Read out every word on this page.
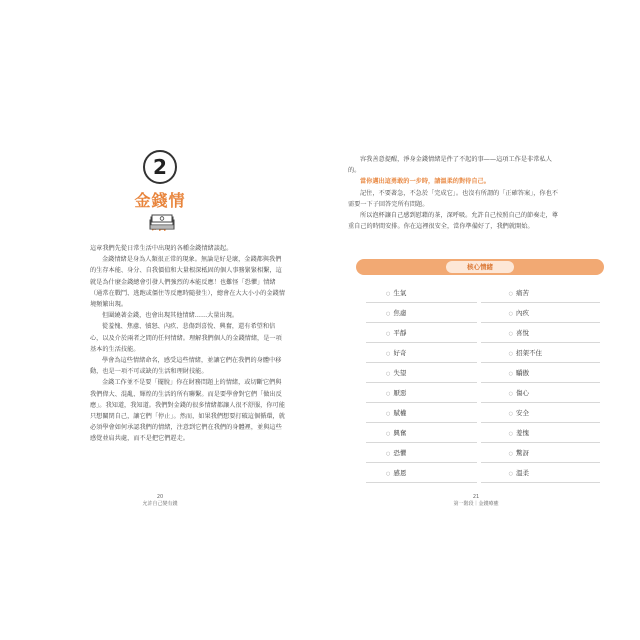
2
金錢情

這章我們先從日常生活中出現的各種金錢情緒談起。

金錢情緒是身為人類很正常的現象。無論是好是壞，金錢都與我們的生存本能、身分、自我價值和大量根深柢固的個人事務緊緊相繫，這就是為什麼金錢總會引發人們強烈的本能反應！也難怪「恐懼」情緒（通常在戰鬥、逃跑或僵住等反應時隨發生），總會在大大小小的金錢情境頻繁出現。

但圍繞著金錢，也會出現其他情緒……大量出現。

從羞愧、焦慮、憤怒、內疚、悲傷到喜悅、興奮，還有希望和信心，以及介於兩者之間的任何情緒。理解我們個人的金錢情緒，是一項基本的生活技能。

學會為這些情緒命名，感受這些情緒，並讓它們在我們的身體中移動，也是一項不可或缺的生活和理財技能。

金錢工作並不是要「擺脫」你在財務問題上的情緒，或切斷它們與我們偉大、混亂、輝煌的生活的所有聯繫。而是要學會對它們「做出反應」。我知道，我知道。我們對金錢的很多情緒都讓人很不舒服，你可能只想關閉自己，讓它們「停止」。然而，如果我們想要打破這個循環，就必須學會如何承認我們的情緒，注意到它們在我們的身體裡，並與這些感覺並肩共處，而不是把它們趕走。

20
允許自己變有錢

容我善意提醒，淨身金錢情緒是件了不起的事——這項工作是非常私人的。

當你邁出這勇敢的一步時，請溫柔的對待自己。

記住，不要著急，不急於「完成它」。也沒有所謂的「正確答案」，你也不需要一下子回答完所有問題。

所以泡杯讓自己感到慰藉的茶，深呼吸。允許自己按照自己的節奏走，尊重自己的時間安排。你在這裡很安全，當你準備好了，我們就開始。

核心情緒
○ 生氣		○ 痛苦
○ 焦慮		○ 內疚
○ 平靜		○ 喜悅
○ 好奇		○ 招架不住
○ 失望		○ 驕傲
○ 厭惡		○ 傷心
○ 賦權		○ 安全
○ 興奮		○ 羞愧
○ 恐懼		○ 驚訝
○ 感恩		○ 溫柔
21
第一階段｜金錢療癒
